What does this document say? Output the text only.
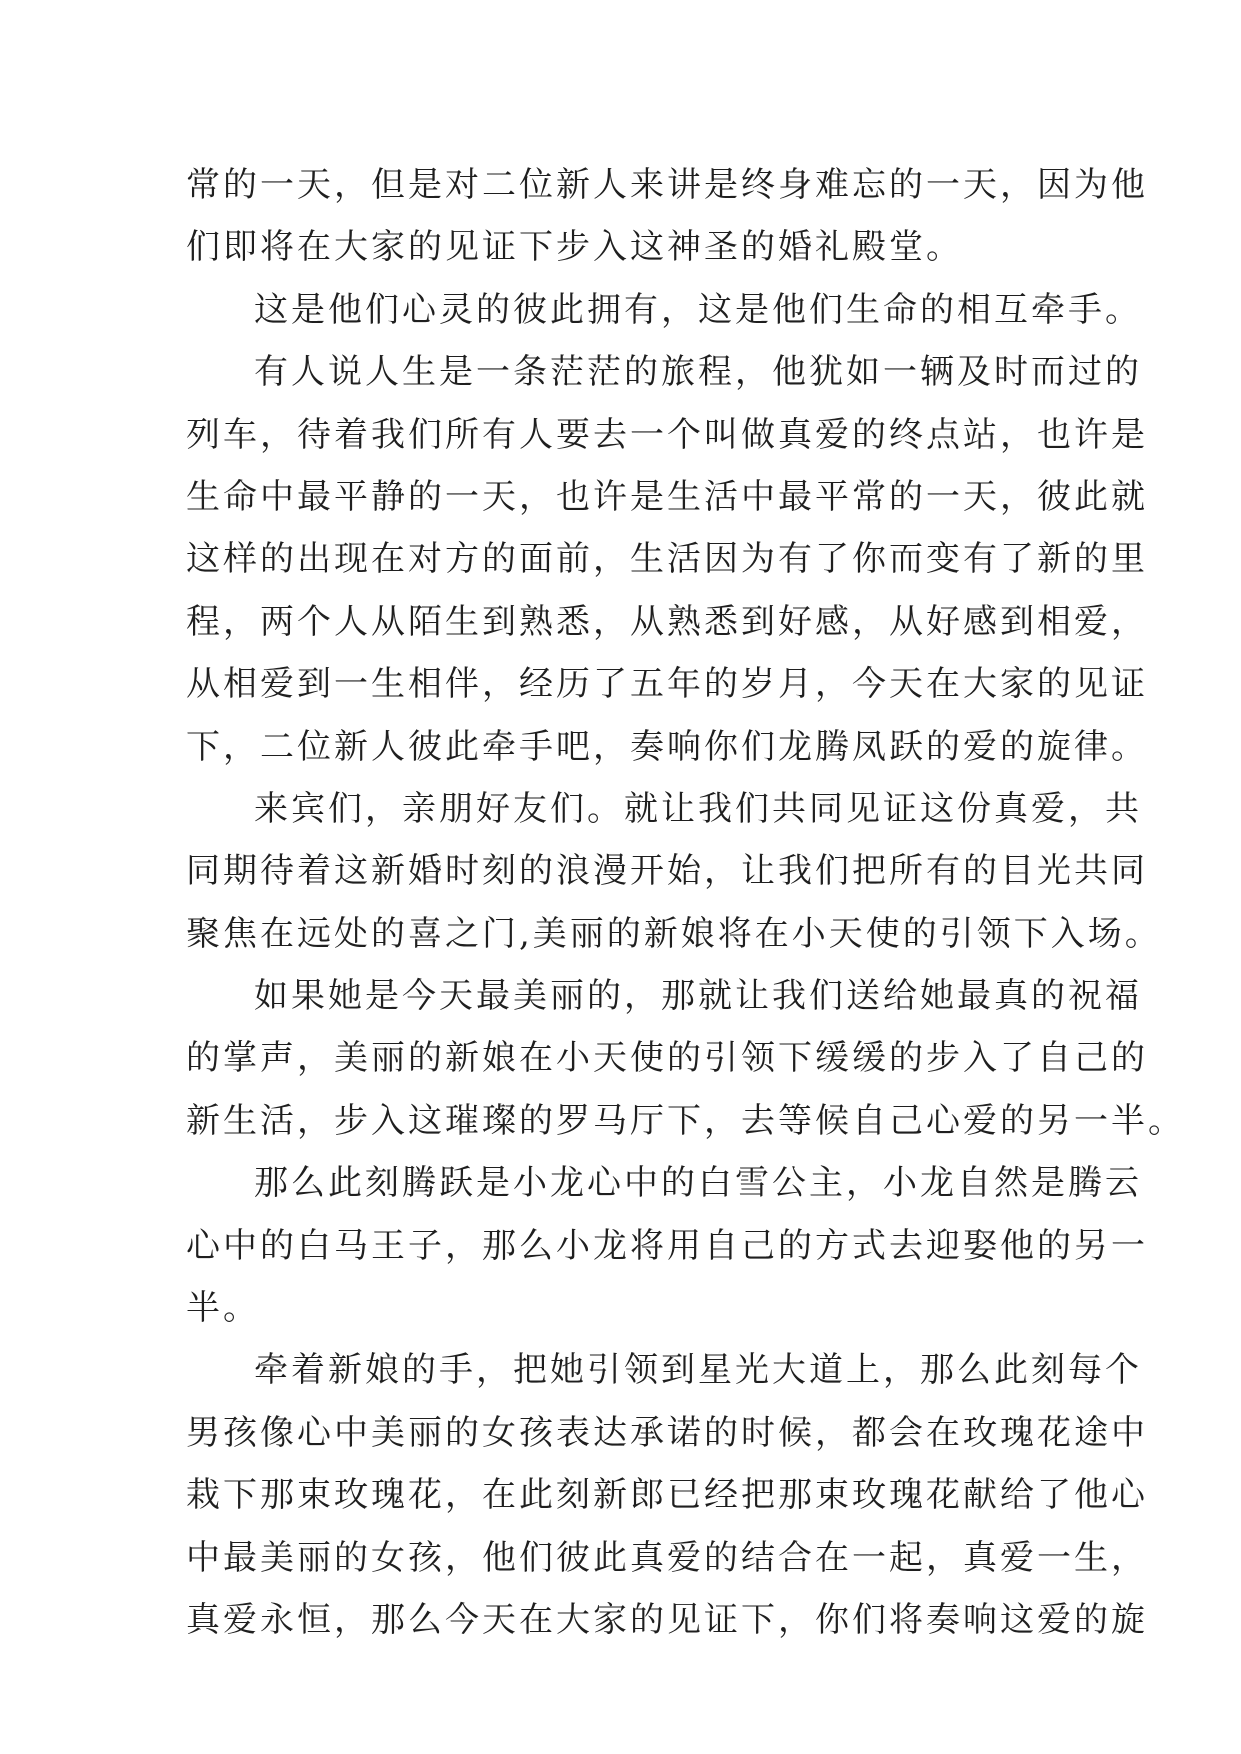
常的一天，但是对二位新人来讲是终身难忘的一天，因为他
们即将在大家的见证下步入这神圣的婚礼殿堂。
这是他们心灵的彼此拥有，这是他们生命的相互牵手。
有人说人生是一条茫茫的旅程，他犹如一辆及时而过的
列车，待着我们所有人要去一个叫做真爱的终点站，也许是
生命中最平静的一天，也许是生活中最平常的一天，彼此就
这样的出现在对方的面前，生活因为有了你而变有了新的里
程，两个人从陌生到熟悉，从熟悉到好感，从好感到相爱，
从相爱到一生相伴，经历了五年的岁月，今天在大家的见证
下，二位新人彼此牵手吧，奏响你们龙腾凤跃的爱的旋律。
来宾们，亲朋好友们。就让我们共同见证这份真爱，共
同期待着这新婚时刻的浪漫开始，让我们把所有的目光共同
聚焦在远处的喜之门,美丽的新娘将在小天使的引领下入场。
如果她是今天最美丽的，那就让我们送给她最真的祝福
的掌声，美丽的新娘在小天使的引领下缓缓的步入了自己的
新生活，步入这璀璨的罗马厅下，去等候自己心爱的另一半。
那么此刻腾跃是小龙心中的白雪公主，小龙自然是腾云
心中的白马王子，那么小龙将用自己的方式去迎娶他的另一
半。
牵着新娘的手，把她引领到星光大道上，那么此刻每个
男孩像心中美丽的女孩表达承诺的时候，都会在玫瑰花途中
栽下那束玫瑰花，在此刻新郎已经把那束玫瑰花献给了他心
中最美丽的女孩，他们彼此真爱的结合在一起，真爱一生，
真爱永恒，那么今天在大家的见证下，你们将奏响这爱的旋
